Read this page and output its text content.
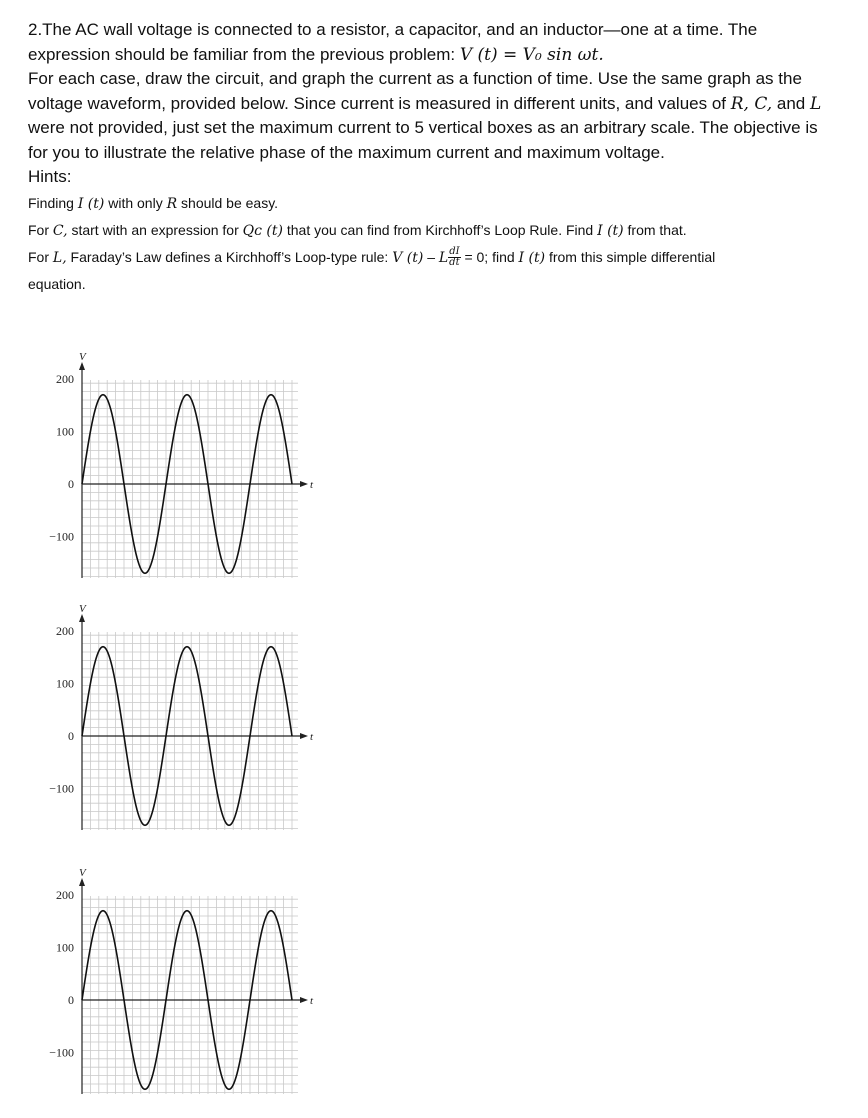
2.The AC wall voltage is connected to a resistor, a capacitor, and an inductor—one at a time. The expression should be familiar from the previous problem: V (t) = V₀ sin ωt.
For each case, draw the circuit, and graph the current as a function of time. Use the same graph as the voltage waveform, provided below. Since current is measured in different units, and values of R, C, and L were not provided, just set the maximum current to 5 vertical boxes as an arbitrary scale. The objective is for you to illustrate the relative phase of the maximum current and maximum voltage.
Hints:

Finding I (t) with only R should be easy.

For C, start with an expression for Qᴄ (t) that you can find from Kirchhoff’s Loop Rule. Find I (t) from that.

For L, Faraday’s Law defines a Kirchhoff’s Loop-type rule: V (t) – L $\frac{dI}{dt} = 0$; find I (t) from this simple differential
equation.

200
100
0
−100
V
t
200
100
0
−100
V
t
200
100
0
−100
V
t
